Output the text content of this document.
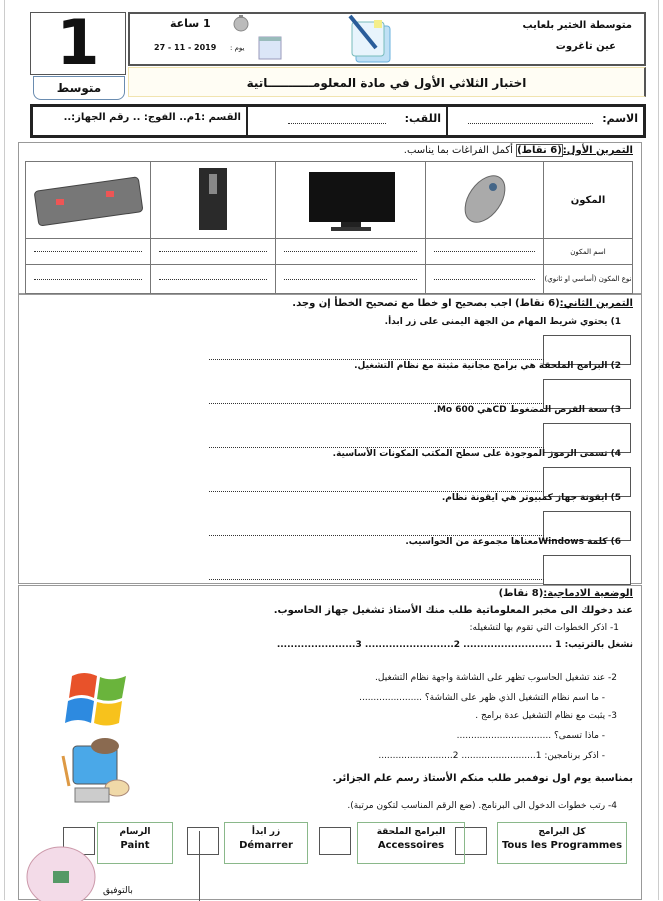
1
متوسط
متوسطة الخثير بلعايب
عين تاغروت
1 ساعة
يوم :
27 - 11 - 2019
اختبار الثلاثي الأول في مادة المعلومـــــــــــاتية
القسم :1م.. الفوج: .. رقم الجهاز:..	اللقب:	الاسم:
التمرين الأول:(6 نقاط) أكمل الفراغات بما يناسب.
المكون				
اسم المكون	

نوع المكون (أساسي او ثانوي)	

التمرين الثاني:(6 نقاط) اجب بصحيح او خطا مع تصحيح الخطأ إن وجد.
1) يحتوي شريط المهام من الجهة اليمنى على زر ابدأ.
2) البرامج الملحقة هي برامج مجانية مثبتة مع نظام التشغيل.
3) سعة القرص المضغوط CDهي 600 Mo.
4) تسمى الرموز الموجودة على سطح المكتب المكونات الأساسية.
5) ايقونة جهاز كمبيوتر هي ايقونة نظام.
6) كلمة Windowsمعناها مجموعة من الحواسيب.
الوضعية الادماجية:(8 نقاط)
عند دخولك الى مخبر المعلوماتية طلب منك الأستاذ تشغيل جهاز الحاسوب.
1- اذكر الخطوات التي تقوم بها لتشغيله:
نشغل بالترتيب: 1 .......................... 2.......................... 3.......................
2- عند تشغيل الحاسوب تظهر على الشاشة واجهة نظام التشغيل.
- ما اسم نظام التشغيل الذي ظهر على الشاشة؟ ......................
3- يثبت مع نظام التشغيل عدة برامج .
- ماذا تسمى؟ .................................
- اذكر برنامجين: 1.......................... 2..........................
بمناسبة يوم اول نوفمبر طلب منكم الأستاذ رسم علم الجزائر.
4- رتب خطوات الدخول الى البرنامج. (ضع الرقم المناسب لتكون مرتبة).
كل البرامج
Tous les Programmes
البرامج الملحقة
Accessoires
زر ابدأ
Démarrer
الرسام
Paint
بالتوفيق
